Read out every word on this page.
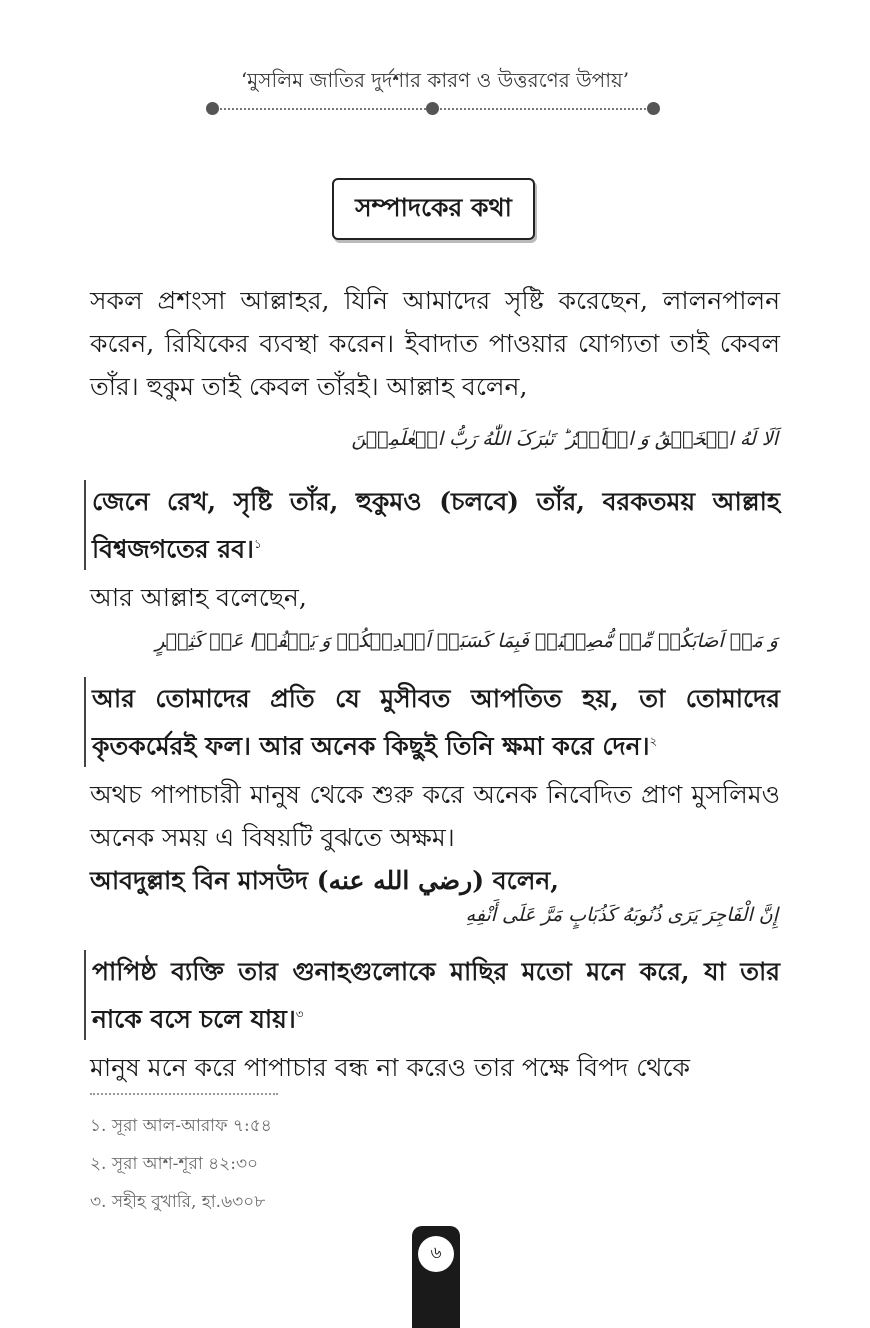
‘মুসলিম জাতির দুর্দশার কারণ ও উত্তরণের উপায়’
সম্পাদকের কথা

সকল প্রশংসা আল্লাহর, যিনি আমাদের সৃষ্টি করেছেন, লালনপালন করেন, রিযিকের ব্যবস্থা করেন। ইবাদাত পাওয়ার যোগ্যতা তাই কেবল তাঁর। হুকুম তাই কেবল তাঁরই। আল্লাহ বলেন,

اَلَا لَهُ الۡخَلۡقُ وَ الۡاَمۡرُ ؕ تَبٰرَکَ اللّٰهُ رَبُّ الۡعٰلَمِیۡنَ

জেনে রেখ, সৃষ্টি তাঁর, হুকুমও (চলবে) তাঁর, বরকতময় আল্লাহ বিশ্বজগতের রব।$^১$

আর আল্লাহ বলেছেন,

وَ مَاۤ اَصَابَکُمۡ مِّنۡ مُّصِیۡبَۃٍ فَبِمَا کَسَبَتۡ اَیۡدِیۡکُمۡ وَ یَعۡفُوۡا عَنۡ کَثِیۡرٍ

আর তোমাদের প্রতি যে মুসীবত আপতিত হয়, তা তোমাদের কৃতকর্মেরই ফল। আর অনেক কিছুই তিনি ক্ষমা করে দেন।$^২$

অথচ পাপাচারী মানুষ থেকে শুরু করে অনেক নিবেদিত প্রাণ মুসলিমও অনেক সময় এ বিষয়টি বুঝতে অক্ষম।

আবদুল্লাহ বিন মাসউদ (رضي الله عنه) বলেন,

إِنَّ الْفَاجِرَ يَرَى ذُنُوبَهُ كَذُبَابٍ مَرَّ عَلَى أَنْفِهِ

পাপিষ্ঠ ব্যক্তি তার গুনাহগুলোকে মাছির মতো মনে করে, যা তার নাকে বসে চলে যায়।$^৩$

মানুষ মনে করে পাপাচার বন্ধ না করেও তার পক্ষে বিপদ থেকে

১. সূরা আল-আরাফ ৭:৫৪
২. সূরা আশ-শূরা ৪২:৩০
৩. সহীহ বুখারি, হা.৬৩০৮
৬
